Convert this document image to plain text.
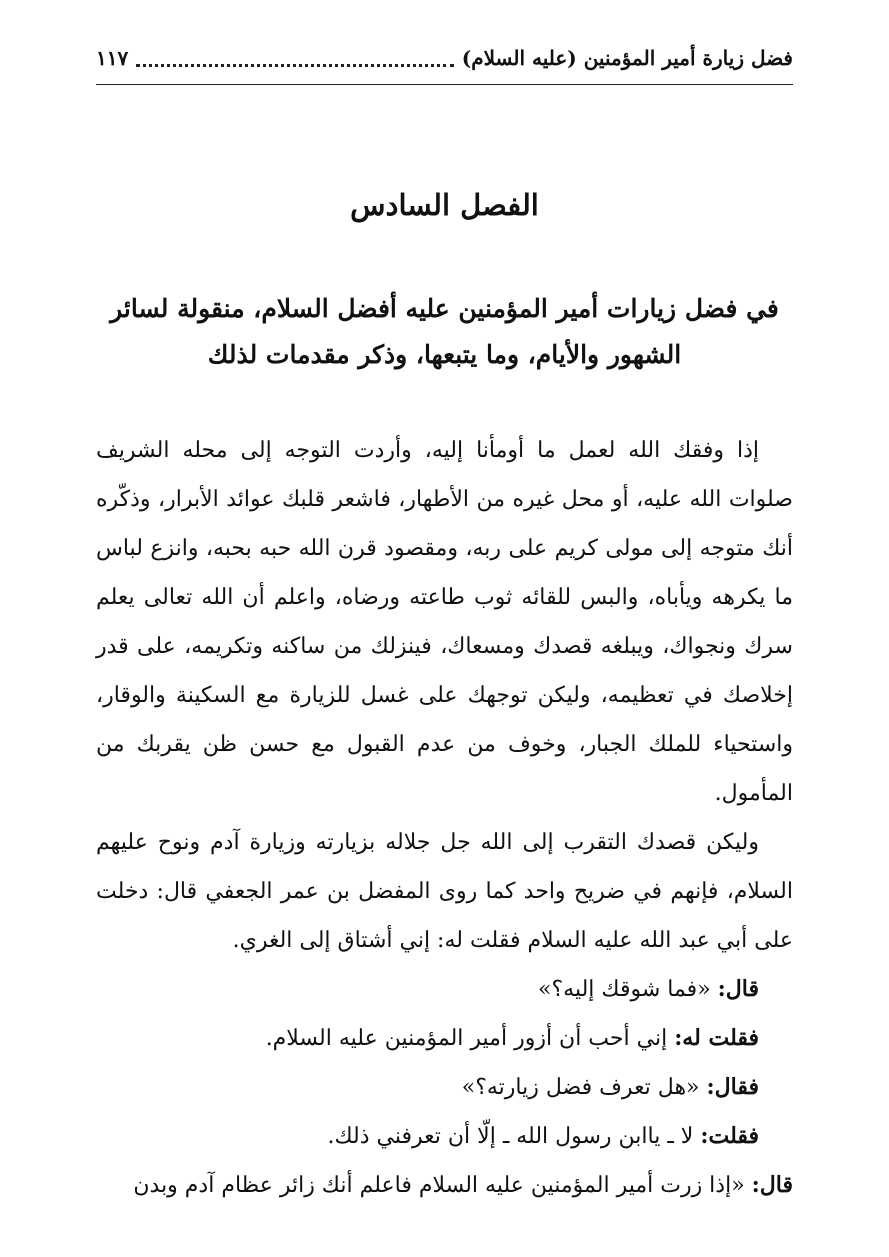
فضل زيارة أمير المؤمنين (عليه السلام)
١١٧
الفصل السادس
في فضل زيارات أمير المؤمنين عليه أفضل السلام، منقولة لسائر الشهور والأيام، وما يتبعها، وذكر مقدمات لذلك

إذا وفقك الله لعمل ما أومأنا إليه، وأردت التوجه إلى محله الشريف صلوات الله عليه، أو محل غيره من الأطهار، فاشعر قلبك عوائد الأبرار، وذكّره أنك متوجه إلى مولى كريم على ربه، ومقصود قرن الله حبه بحبه، وانزع لباس ما يكرهه ويأباه، والبس للقائه ثوب طاعته ورضاه، واعلم أن الله تعالى يعلم سرك ونجواك، ويبلغه قصدك ومسعاك، فينزلك من ساكنه وتكريمه، على قدر إخلاصك في تعظيمه، وليكن توجهك على غسل للزيارة مع السكينة والوقار، واستحياء للملك الجبار، وخوف من عدم القبول مع حسن ظن يقربك من المأمول.

وليكن قصدك التقرب إلى الله جل جلاله بزيارته وزيارة آدم ونوح عليهم السلام، فإنهم في ضريح واحد كما روى المفضل بن عمر الجعفي قال: دخلت على أبي عبد الله عليه السلام فقلت له: إني أشتاق إلى الغري.

قال: «فما شوقك إليه؟»

فقلت له: إني أحب أن أزور أمير المؤمنين عليه السلام.

فقال: «هل تعرف فضل زيارته؟»

فقلت: لا ـ ياابن رسول الله ـ إلّا أن تعرفني ذلك.

قال: «إذا زرت أمير المؤمنين عليه السلام فاعلم أنك زائر عظام آدم وبدن
